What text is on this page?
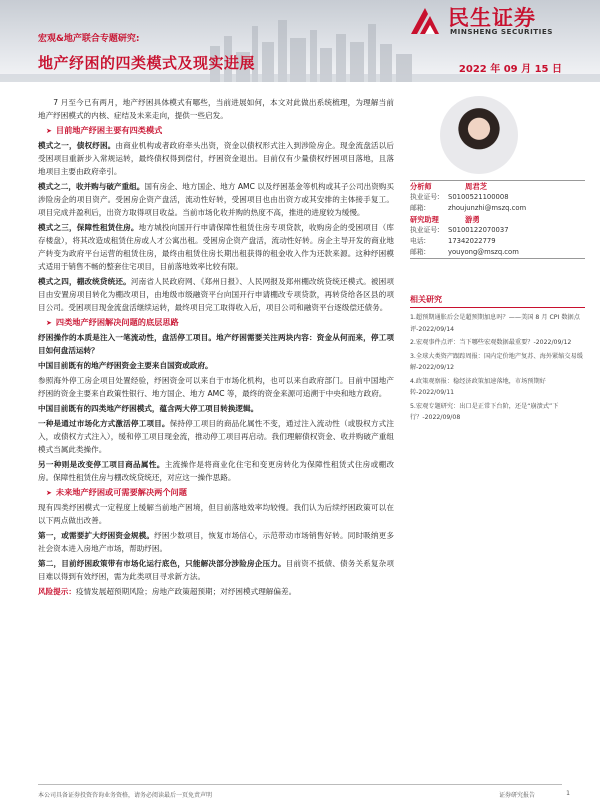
民生证券
MINSHENG SECURITIES
宏观&地产联合专题研究:
地产纾困的四类模式及现实进展	2022 年 09 月 15 日

7 月至今已有两月，地产纾困具体模式有哪些，当前进展如何，本文对此做出系统梳理，为理解当前地产纾困模式的内核、症结及未来走向，提供一些启发。

➤ 目前地产纾困主要有四类模式

模式之一，债权纾困。由商业机构或者政府牵头出资，资金以债权形式注入到涉险房企。现金流盘活以后受困项目重新步入常规运转，最终债权得到偿付，纾困资金退出。目前仅有少量债权纾困项目落地，且落地项目主要由政府牵引。

模式之二，收并购与破产重组。国有房企、地方国企、地方 AMC 以及纾困基金等机构或其子公司出资购买涉险房企的项目资产。受困房企资产盘活，流动性好转，受困项目也由出资方或其安排的主体接手复工。项目完成并盈利后，出资方取得项目收益。当前市场化收并购的热度不高，推进的进度较为缓慢。

模式之三，保障性租赁住房。地方城投向国开行申请保障性租赁住房专项贷款，收购房企的受困项目（库存楼盘），将其改造成租赁住房或人才公寓出租。受困房企资产盘活，流动性好转。房企主导开发的商业地产转变为政府平台运营的租赁住房，最终由租赁住房长期出租获得的租金收入作为还款来源。这种纾困模式适用于销售不畅的整套住宅项目，目前落地效率比较有限。

模式之四，棚改统贷统还。河南省人民政府网、《郑州日报》、人民网报及郑州棚改统贷统还模式。被困项目由安置房项目转化为棚改项目，由地级市级融资平台向国开行申请棚改专项贷款，再转贷给各区县的项目公司。受困项目现金流盘活继续运转，最终项目完工取得收入后，项目公司和融资平台逐级偿还债务。

➤ 四类地产纾困解决问题的底层思路

纾困操作的本质是注入一笔流动性，盘活停工项目。地产纾困需要关注两块内容：资金从何而来，停工项目如何盘活运转？

中国目前既有的地产纾困资金主要来自国资或政府。

参照海外停工房企项目处置经验，纾困资金可以来自于市场化机构，也可以来自政府部门。目前中国地产纾困的资金主要来自政策性银行、地方国企、地方 AMC 等，最终的资金来源可追溯于中央和地方政府。

中国目前既有的四类地产纾困模式，蕴含两大停工项目转换逻辑。

一种是通过市场化方式激活停工项目。保持停工项目的商品化属性不变，通过注入流动性（或股权方式注入，或债权方式注入），缓和停工项目现金流，推动停工项目再启动。我们理解债权资金、收并购破产重组模式当属此类操作。

另一种则是改变停工项目商品属性。主流操作是将商业化住宅和变更房转化为保障性租赁式住房或棚改房。保障性租赁住房与棚改统贷统还，对应这一操作思路。

➤ 未来地产纾困或可需要解决两个问题

现有四类纾困模式一定程度上缓解当前地产困境，但目前落地效率均较慢。我们认为后续纾困政策可以在以下两点做出改善。

第一，或需要扩大纾困资金规模。纾困少数项目，恢复市场信心，示范带动市场销售好转。同时吸纳更多社会资本进入房地产市场，帮助纾困。

第二，目前纾困政策带有市场化运行底色，只能解决部分涉险房企压力。目前资不抵债、债务关系复杂项目难以得到有效纾困，需为此类项目寻求新方法。

风险提示：疫情发展超预期风险；房地产政策超预期；对纾困模式理解偏差。

分析师	周君芝
执业证号:	S0100521100008
邮箱:	zhoujunzhi@mszq.com
研究助理	游勇
执业证号:	S0100122070037
电话:	17342022779
邮箱:	youyong@mszq.com
相关研究
1.超预期通胀后会是超预期加息吗？——美国 8 月 CPI 数据点评-2022/09/14
2.宏观事件点评：当下哪些宏观数据最重要？-2022/09/12
3.全球大类资产跟踪周报：国内定价地产复苏、海外紧缩交易缓解-2022/09/12
4.政策观察报：稳经济政策加速落地，市场预期好转-2022/09/11
5.宏观专题研究：出口是正常下台阶，还是“崩溃式”下行？-2022/09/08
本公司具备证券投资咨询业务资格，请务必阅读最后一页免责声明	证券研究报告	1
